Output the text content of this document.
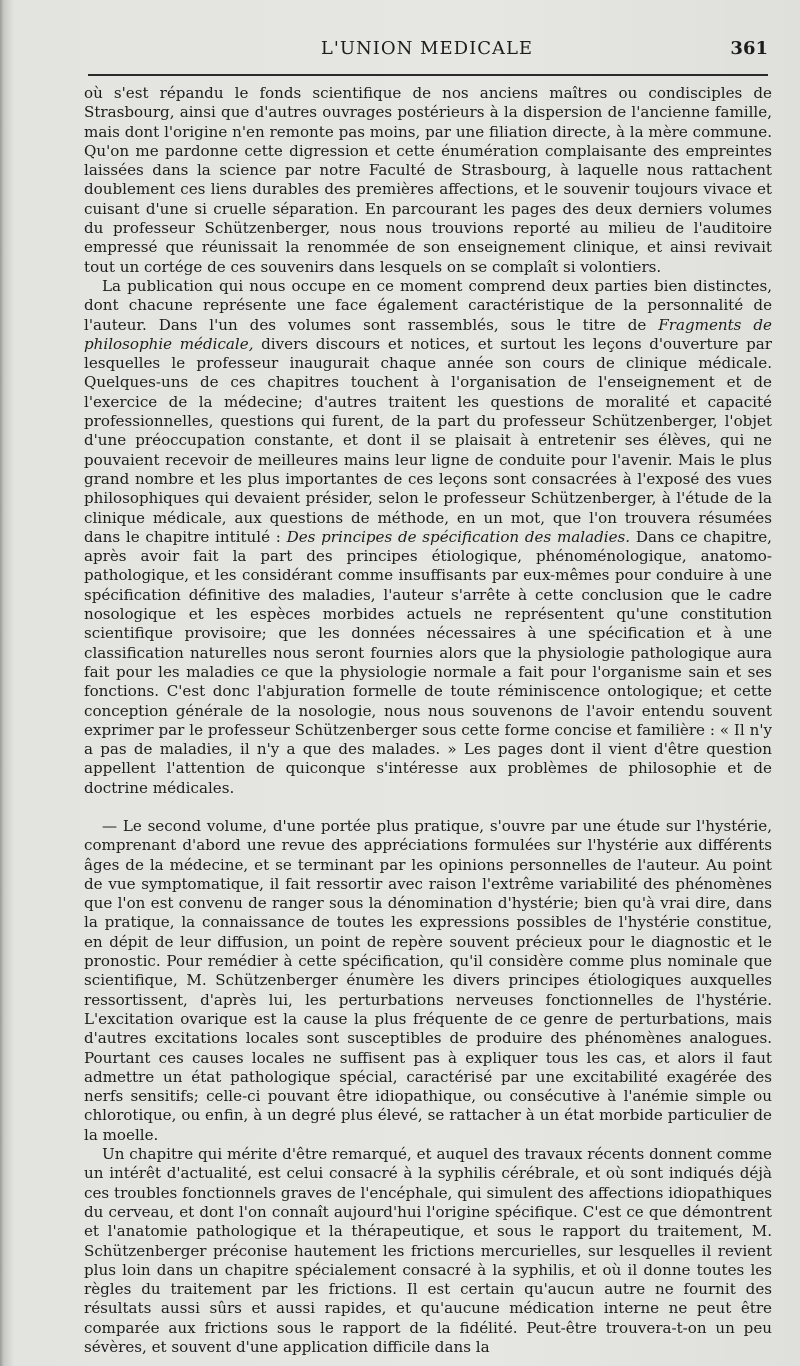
L'UNION MEDICALE	361

où s'est répandu le fonds scientifique de nos anciens maîtres ou condisciples de Strasbourg, ainsi que d'autres ouvrages postérieurs à la dispersion de l'ancienne famille, mais dont l'origine n'en remonte pas moins, par une filiation directe, à la mère commune. Qu'on me pardonne cette digression et cette énumération complaisante des empreintes laissées dans la science par notre Faculté de Strasbourg, à laquelle nous rattachent doublement ces liens durables des premières affections, et le souvenir toujours vivace et cuisant d'une si cruelle séparation. En parcourant les pages des deux derniers volumes du professeur Schützenberger, nous nous trouvions reporté au milieu de l'auditoire empressé que réunissait la renommée de son enseignement clinique, et ainsi revivait tout un cortége de ces souvenirs dans lesquels on se complaît si volontiers.

La publication qui nous occupe en ce moment comprend deux parties bien distinctes, dont chacune représente une face également caractéristique de la personnalité de l'auteur. Dans l'un des volumes sont rassemblés, sous le titre de Fragments de philosophie médicale, divers discours et notices, et surtout les leçons d'ouverture par lesquelles le professeur inaugurait chaque année son cours de clinique médicale. Quelques-uns de ces chapitres touchent à l'organisation de l'enseignement et de l'exercice de la médecine; d'autres traitent les questions de moralité et capacité professionnelles, questions qui furent, de la part du professeur Schützenberger, l'objet d'une préoccupation constante, et dont il se plaisait à entretenir ses élèves, qui ne pouvaient recevoir de meilleures mains leur ligne de conduite pour l'avenir. Mais le plus grand nombre et les plus importantes de ces leçons sont consacrées à l'exposé des vues philosophiques qui devaient présider, selon le professeur Schützenberger, à l'étude de la clinique médicale, aux questions de méthode, en un mot, que l'on trouvera résumées dans le chapitre intitulé : Des principes de spécification des maladies. Dans ce chapitre, après avoir fait la part des principes étiologique, phénoménologique, anatomo-pathologique, et les considérant comme insuffisants par eux-mêmes pour conduire à une spécification définitive des maladies, l'auteur s'arrête à cette conclusion que le cadre nosologique et les espèces morbides actuels ne représentent qu'une constitution scientifique provisoire; que les données nécessaires à une spécification et à une classification naturelles nous seront fournies alors que la physiologie pathologique aura fait pour les maladies ce que la physiologie normale a fait pour l'organisme sain et ses fonctions. C'est donc l'abjuration formelle de toute réminiscence ontologique; et cette conception générale de la nosologie, nous nous souvenons de l'avoir entendu souvent exprimer par le professeur Schützenberger sous cette forme concise et familière : « Il n'y a pas de maladies, il n'y a que des malades. » Les pages dont il vient d'être question appellent l'attention de quiconque s'intéresse aux problèmes de philosophie et de doctrine médicales.

— Le second volume, d'une portée plus pratique, s'ouvre par une étude sur l'hystérie, comprenant d'abord une revue des appréciations formulées sur l'hystérie aux différents âges de la médecine, et se terminant par les opinions personnelles de l'auteur. Au point de vue symptomatique, il fait ressortir avec raison l'extrême variabilité des phénomènes que l'on est convenu de ranger sous la dénomination d'hystérie; bien qu'à vrai dire, dans la pratique, la connaissance de toutes les expressions possibles de l'hystérie constitue, en dépit de leur diffusion, un point de repère souvent précieux pour le diagnostic et le pronostic. Pour remédier à cette spécification, qu'il considère comme plus nominale que scientifique, M. Schützenberger énumère les divers principes étiologiques auxquelles ressortissent, d'après lui, les perturbations nerveuses fonctionnelles de l'hystérie. L'excitation ovarique est la cause la plus fréquente de ce genre de perturbations, mais d'autres excitations locales sont susceptibles de produire des phénomènes analogues. Pourtant ces causes locales ne suffisent pas à expliquer tous les cas, et alors il faut admettre un état pathologique spécial, caractérisé par une excitabilité exagérée des nerfs sensitifs; celle-ci pouvant être idiopathique, ou consécutive à l'anémie simple ou chlorotique, ou enfin, à un degré plus élevé, se rattacher à un état morbide particulier de la moelle.

Un chapitre qui mérite d'être remarqué, et auquel des travaux récents donnent comme un intérêt d'actualité, est celui consacré à la syphilis cérébrale, et où sont indiqués déjà ces troubles fonctionnels graves de l'encéphale, qui simulent des affections idiopathiques du cerveau, et dont l'on connaît aujourd'hui l'origine spécifique. C'est ce que démontrent et l'anatomie pathologique et la thérapeutique, et sous le rapport du traitement, M. Schützenberger préconise hautement les frictions mercurielles, sur lesquelles il revient plus loin dans un chapitre spécialement consacré à la syphilis, et où il donne toutes les règles du traitement par les frictions. Il est certain qu'aucun autre ne fournit des résultats aussi sûrs et aussi rapides, et qu'aucune médication interne ne peut être comparée aux frictions sous le rapport de la fidélité. Peut-être trouvera-t-on un peu sévères, et souvent d'une application difficile dans la
